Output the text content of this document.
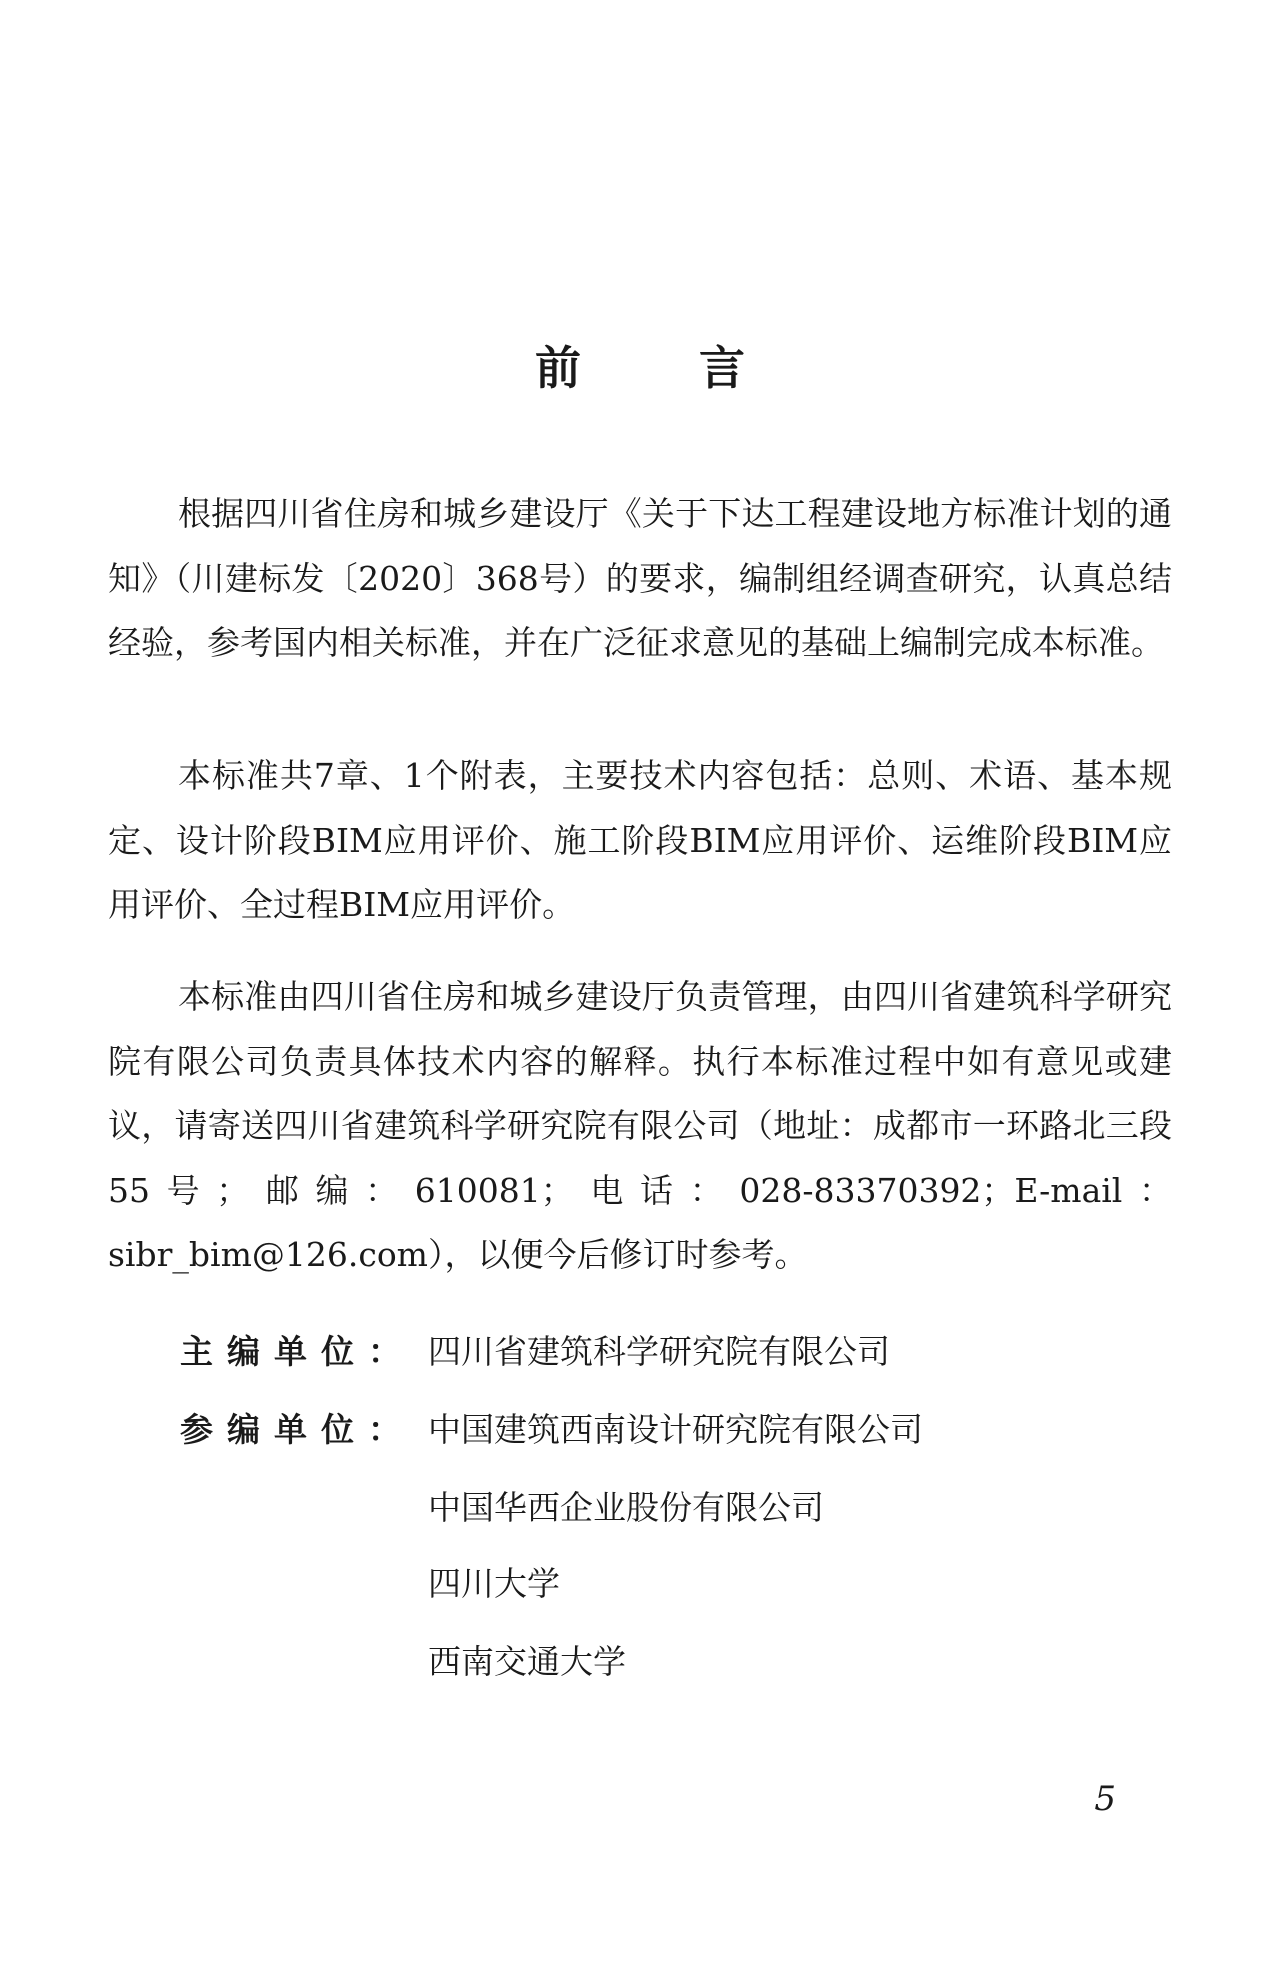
前　言

根据四川省住房和城乡建设厅《关于下达工程建设地方标准计划的通知》（川建标发〔2020〕368号）的要求，编制组经调查研究，认真总结经验，参考国内相关标准，并在广泛征求意见的基础上编制完成本标准。

本标准共7章、1个附表，主要技术内容包括：总则、术语、基本规定、设计阶段BIM应用评价、施工阶段BIM应用评价、运维阶段BIM应用评价、全过程BIM应用评价。

本标准由四川省住房和城乡建设厅负责管理，由四川省建筑科学研究院有限公司负责具体技术内容的解释。执行本标准过程中如有意见或建议，请寄送四川省建筑科学研究院有限公司（地址：成都市一环路北三段55号；邮编：610081；电话：028-83370392；E-mail：sibr_bim@126.com），以便今后修订时参考。

主编单位： 四川省建筑科学研究院有限公司
参编单位： 中国建筑西南设计研究院有限公司
中国华西企业股份有限公司
四川大学
西南交通大学
5
